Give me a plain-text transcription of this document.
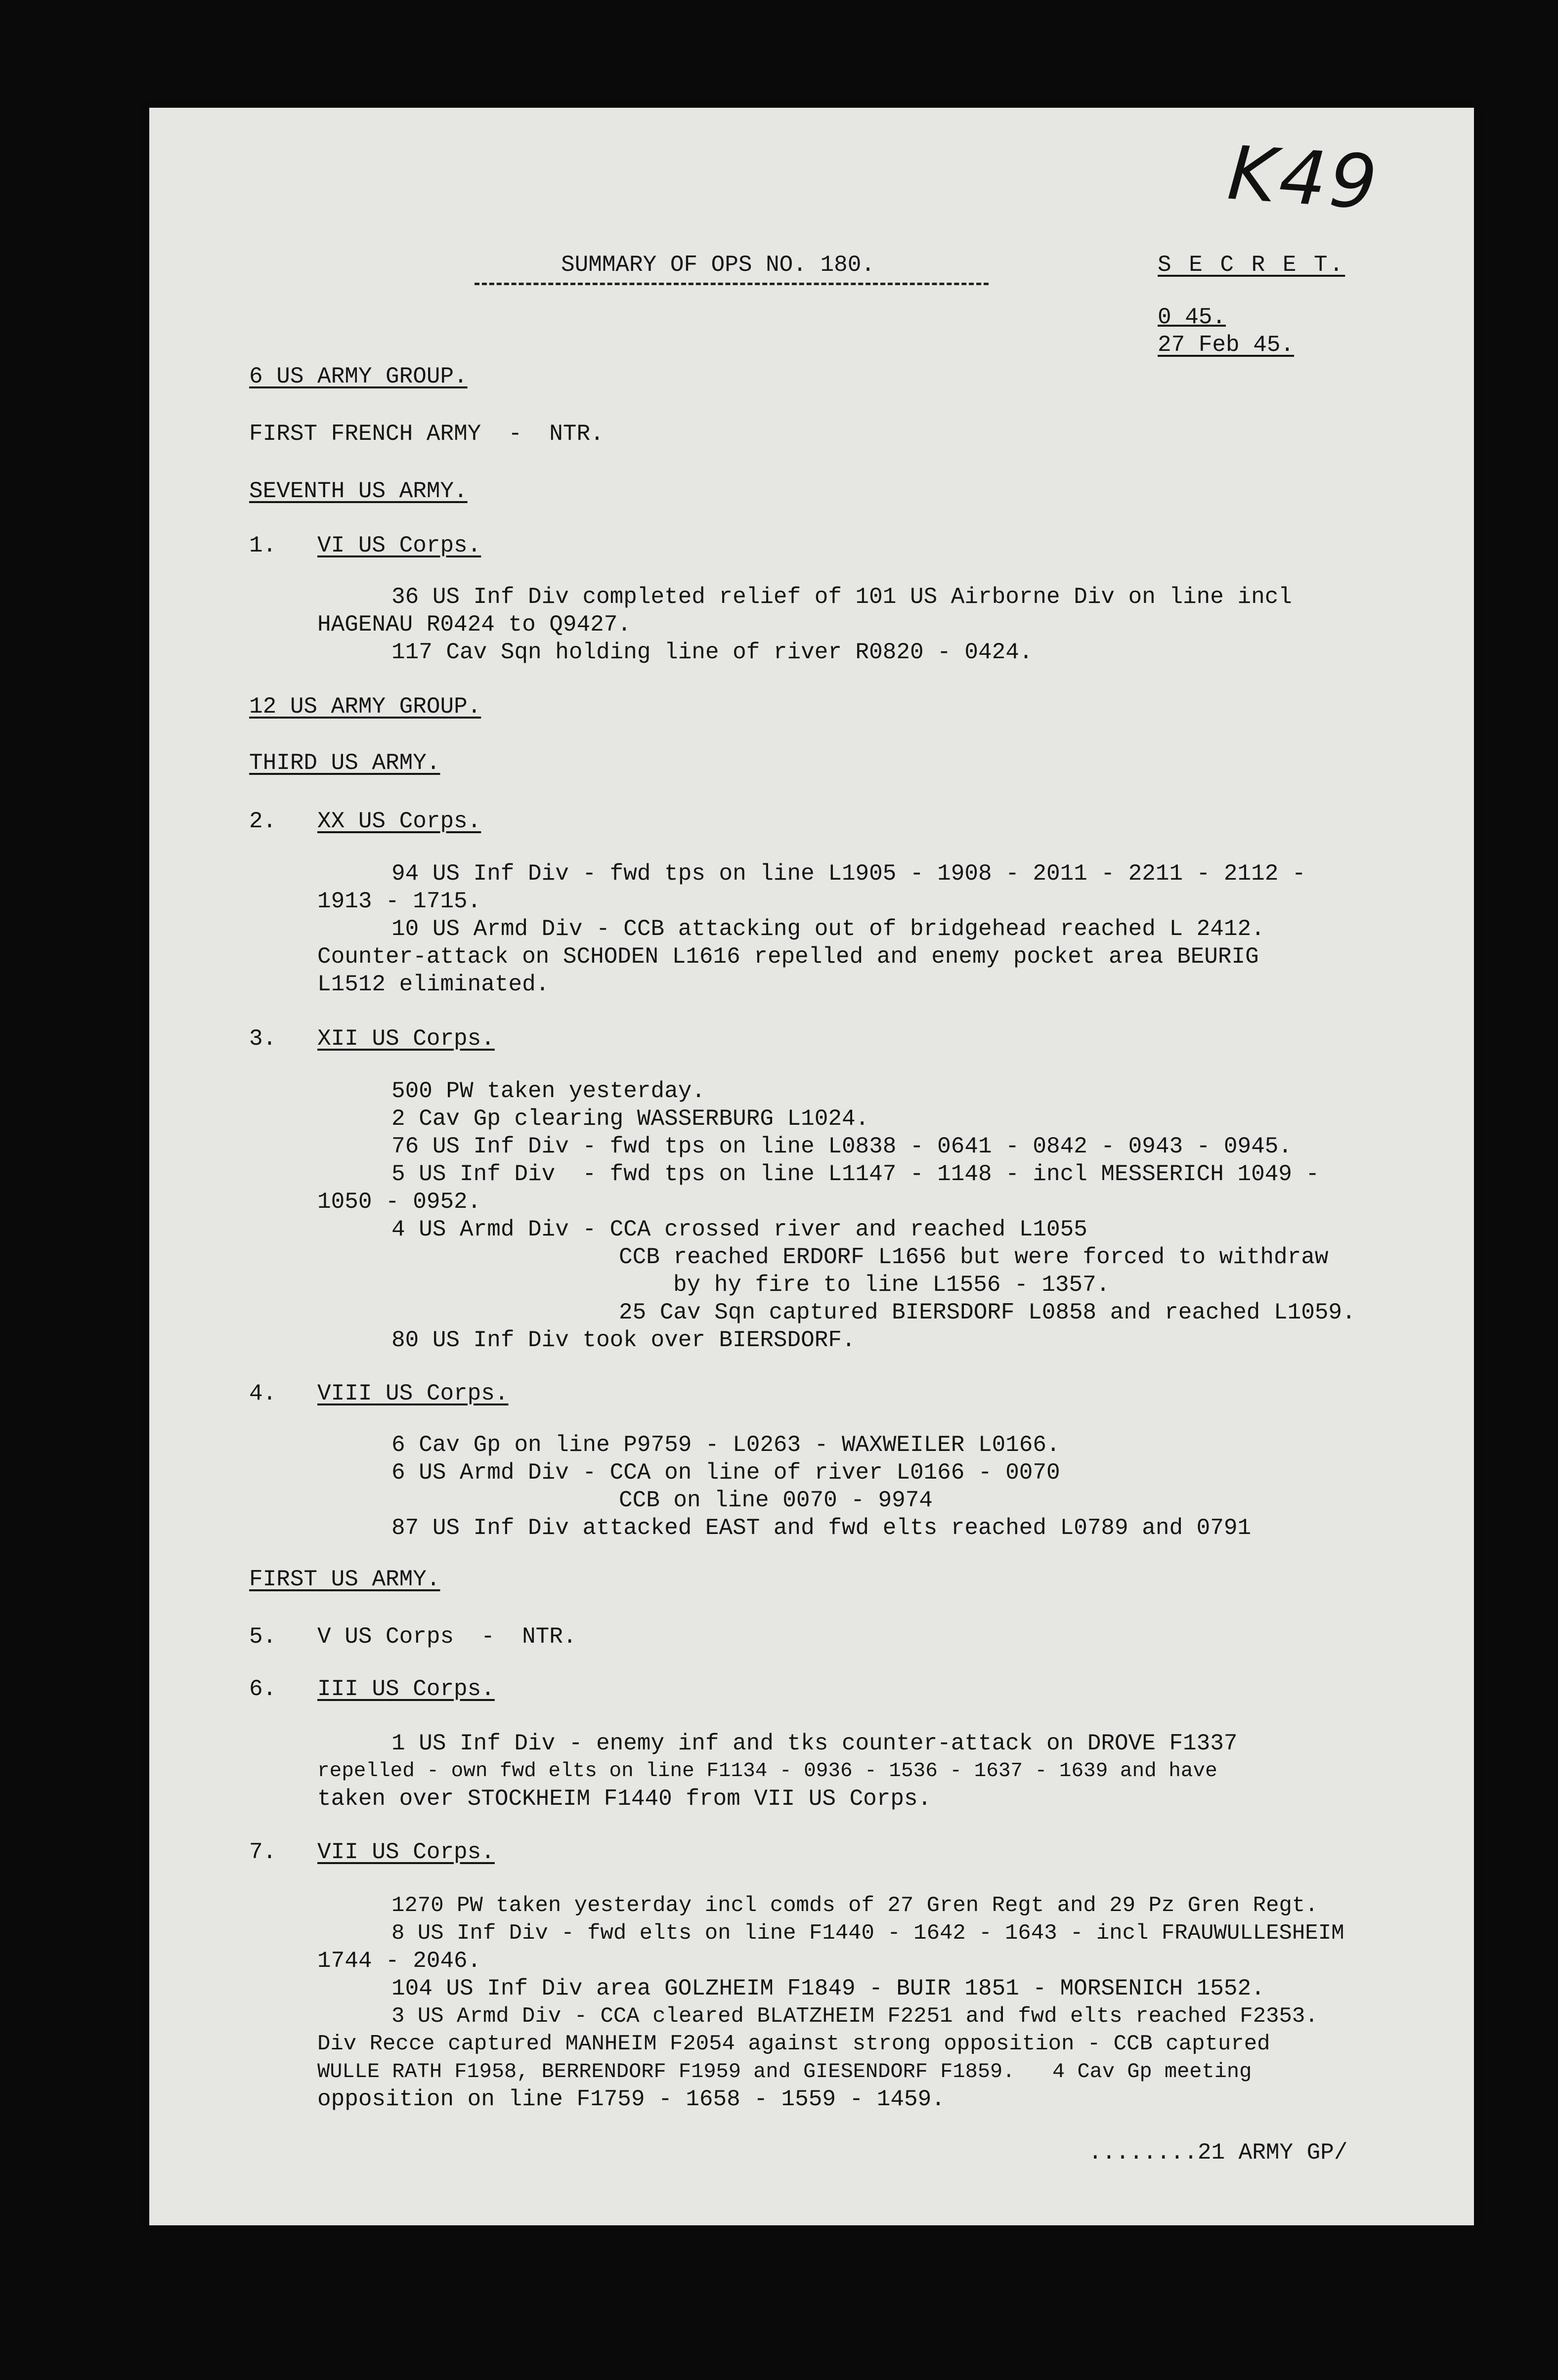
K49
SUMMARY OF OPS NO. 180.	S E C R E T.
0 45.
27 Feb 45.
6 US ARMY GROUP.
FIRST FRENCH ARMY  -  NTR.
SEVENTH US ARMY.
1. VI US Corps.
36 US Inf Div completed relief of 101 US Airborne Div on line incl
HAGENAU R0424 to Q9427.
117 Cav Sqn holding line of river R0820 - 0424.
12 US ARMY GROUP.
THIRD US ARMY.
2. XX US Corps.
94 US Inf Div - fwd tps on line L1905 - 1908 - 2011 - 2211 - 2112 -
1913 - 1715.
10 US Armd Div - CCB attacking out of bridgehead reached L 2412.
Counter-attack on SCHODEN L1616 repelled and enemy pocket area BEURIG
L1512 eliminated.
3. XII US Corps.
500 PW taken yesterday.
2 Cav Gp clearing WASSERBURG L1024.
76 US Inf Div - fwd tps on line L0838 - 0641 - 0842 - 0943 - 0945.
5 US Inf Div  - fwd tps on line L1147 - 1148 - incl MESSERICH 1049 -
1050 - 0952.
4 US Armd Div - CCA crossed river and reached L1055
CCB reached ERDORF L1656 but were forced to withdraw
by hy fire to line L1556 - 1357.
25 Cav Sqn captured BIERSDORF L0858 and reached L1059.
80 US Inf Div took over BIERSDORF.
4. VIII US Corps.
6 Cav Gp on line P9759 - L0263 - WAXWEILER L0166.
6 US Armd Div - CCA on line of river L0166 - 0070
CCB on line 0070 - 9974
87 US Inf Div attacked EAST and fwd elts reached L0789 and 0791
FIRST US ARMY.
5. V US Corps  -  NTR.
6. III US Corps.
1 US Inf Div - enemy inf and tks counter-attack on DROVE F1337
repelled - own fwd elts on line F1134 - 0936 - 1536 - 1637 - 1639 and have
taken over STOCKHEIM F1440 from VII US Corps.
7. VII US Corps.
1270 PW taken yesterday incl comds of 27 Gren Regt and 29 Pz Gren Regt.
8 US Inf Div - fwd elts on line F1440 - 1642 - 1643 - incl FRAUWULLESHEIM
1744 - 2046.
104 US Inf Div area GOLZHEIM F1849 - BUIR 1851 - MORSENICH 1552.
3 US Armd Div - CCA cleared BLATZHEIM F2251 and fwd elts reached F2353.
Div Recce captured MANHEIM F2054 against strong opposition - CCB captured
WULLE RATH F1958, BERRENDORF F1959 and GIESENDORF F1859.   4 Cav Gp meeting
opposition on line F1759 - 1658 - 1559 - 1459.
........21 ARMY GP/
